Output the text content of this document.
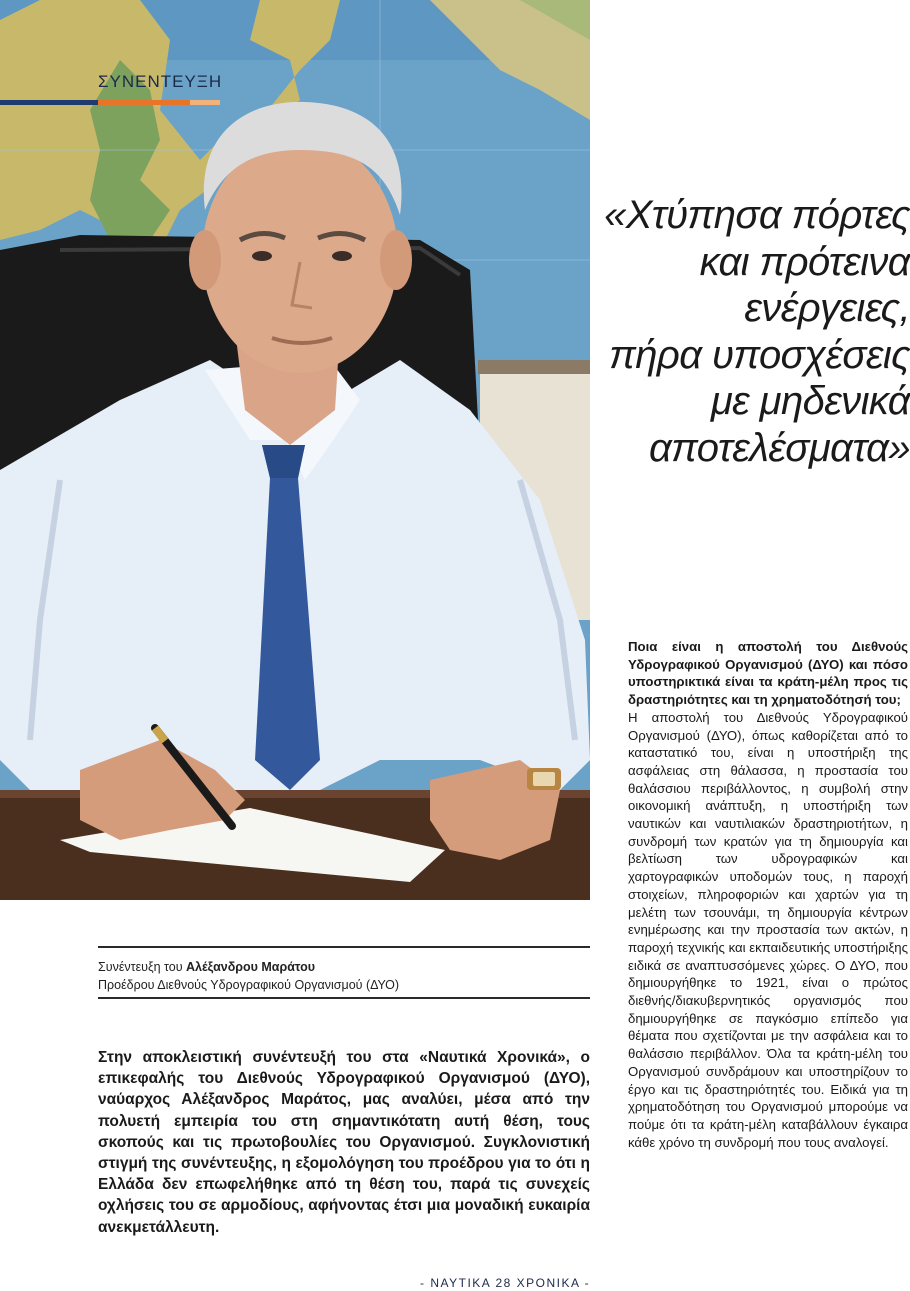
ΣΥΝΕΝΤΕΥΞΗ
«Χτύπησα πόρτες
και πρότεινα
ενέργειες,
πήρα υποσχέσεις
με μηδενικά
αποτελέσματα»
Συνέντευξη του Αλέξανδρου Μαράτου
Προέδρου Διεθνούς Υδρογραφικού Οργανισμού (ΔΥΟ)
Στην αποκλειστική συνέντευξή του στα «Ναυτικά Χρονικά», ο επικεφαλής του Διεθνούς Υδρογραφικού Οργανισμού (ΔΥΟ), ναύαρχος Αλέξανδρος Μαράτος, μας αναλύει, μέσα από την πολυετή εμπειρία του στη σημαντικότατη αυτή θέση, τους σκοπούς και τις πρωτοβουλίες του Οργανισμού. Συγκλονιστική στιγμή της συνέντευξης, η εξομολόγηση του προέδρου για το ότι η Ελλάδα δεν επωφελήθηκε από τη θέση του, παρά τις συνεχείς οχλήσεις του σε αρμοδίους, αφήνοντας έτσι μια μοναδική ευκαιρία ανεκμετάλλευτη.

Ποια είναι η αποστολή του Διεθνούς Υδρογραφικού Οργανισμού (ΔΥΟ) και πόσο υποστηρικτικά είναι τα κράτη-μέλη προς τις δραστηριότητες και τη χρηματοδότησή του;

Η αποστολή του Διεθνούς Υδρογραφικού Οργανισμού (ΔΥΟ), όπως καθορίζεται από το καταστατικό του, είναι η υποστήριξη της ασφάλειας στη θάλασσα, η προστασία του θαλάσσιου περιβάλλοντος, η συμβολή στην οικονομική ανάπτυξη, η υποστήριξη των ναυτικών και ναυτιλιακών δραστηριοτήτων, η συνδρομή των κρατών για τη δημιουργία και βελτίωση των υδρογραφικών και χαρτογραφικών υποδομών τους, η παροχή στοιχείων, πληροφοριών και χαρτών για τη μελέτη των τσουνάμι, τη δημιουργία κέντρων ενημέρωσης και την προστασία των ακτών, η παροχή τεχνικής και εκπαιδευτικής υποστήριξης ειδικά σε αναπτυσσόμενες χώρες. Ο ΔΥΟ, που δημιουργήθηκε το 1921, είναι ο πρώτος διεθνής/διακυβερνητικός οργανισμός που δημιουργήθηκε σε παγκόσμιο επίπεδο για θέματα που σχετίζονται με την ασφάλεια και το θαλάσσιο περιβάλλον. Όλα τα κράτη-μέλη του Οργανισμού συνδράμουν και υποστηρίζουν το έργο και τις δραστηριότητές του. Ειδικά για τη χρηματοδότηση του Οργανισμού μπορούμε να πούμε ότι τα κράτη-μέλη καταβάλλουν έγκαιρα κάθε χρόνο τη συνδρομή που τους αναλογεί.

- ΝΑΥΤΙΚΑ 28 ΧΡΟΝΙΚΑ -
